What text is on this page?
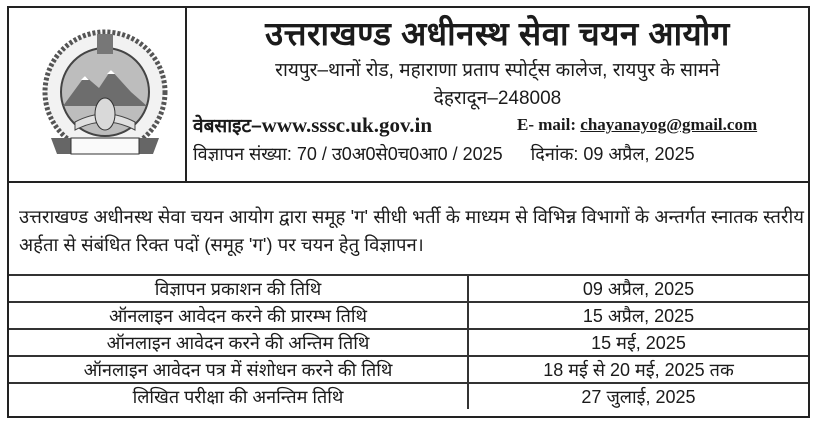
उत्तराखण्ड अधीनस्थ सेवा चयन आयोग
रायपुर–थानों रोड, महाराणा प्रताप स्पोर्ट्स कालेज, रायपुर के सामने
देहरादून–248008
वेबसाइट–www.sssc.uk.gov.in	E- mail: chayanayog@gmail.com
विज्ञापन संख्या: 70 / उ0अ0से0च0आ0 / 2025 दिनांक: 09 अप्रैल, 2025
उत्तराखण्ड अधीनस्थ सेवा चयन आयोग द्वारा समूह 'ग' सीधी भर्ती के माध्यम से विभिन्न विभागों के अन्तर्गत स्नातक स्तरीय अर्हता से संबंधित रिक्त पदों (समूह 'ग') पर चयन हेतु विज्ञापन।
विज्ञापन प्रकाशन की तिथि	09 अप्रैल, 2025
ऑनलाइन आवेदन करने की प्रारम्भ तिथि	15 अप्रैल, 2025
ऑनलाइन आवेदन करने की अन्तिम तिथि	15 मई, 2025
ऑनलाइन आवेदन पत्र में संशोधन करने की तिथि	18 मई से 20 मई, 2025 तक
लिखित परीक्षा की अनन्तिम तिथि	27 जुलाई, 2025
